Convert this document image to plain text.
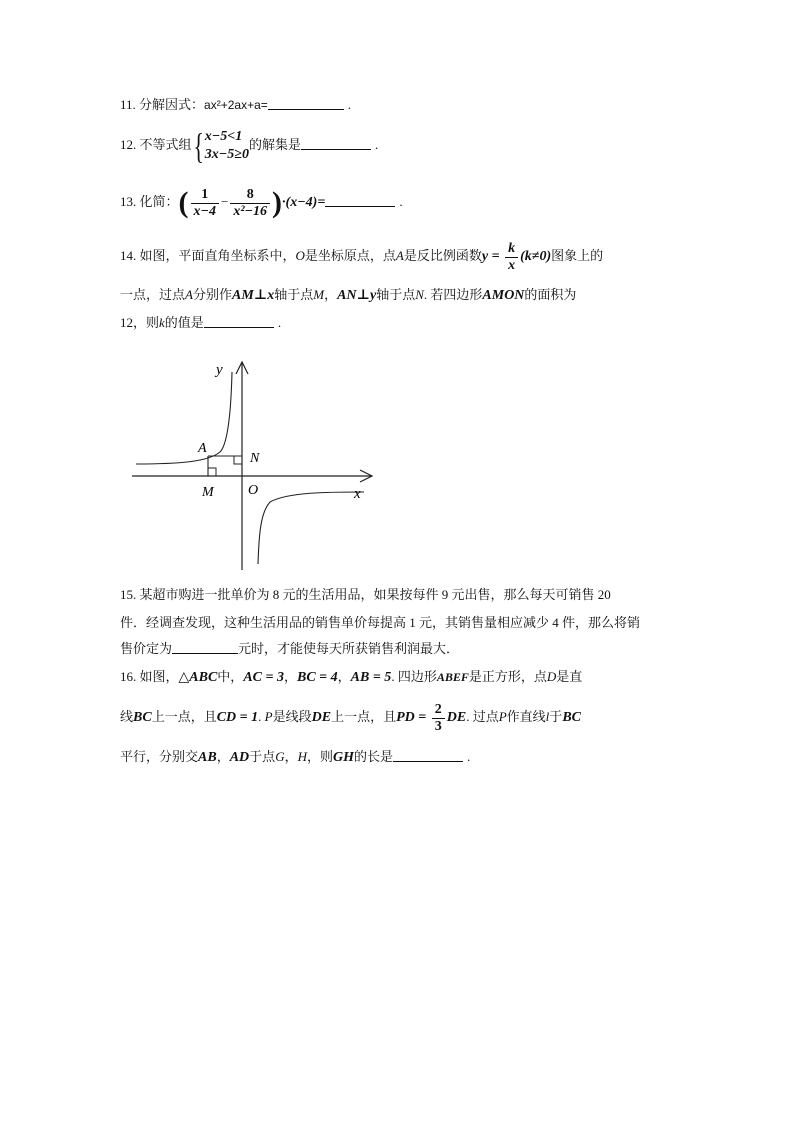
11. 分解因式：ax²+2ax+a=	.
12. 不等式组{ x−5<1
3x−5≥0
的解集是	.
13. 化简：( $\frac{1}{x-4} - \frac{8}{\text{x²−16}} )\cdot(x-4)=$	.
14. 如图，平面直角坐标系中，O是坐标原点，点A是反比例函数$y = \frac{k}{x} (k\ne 0)$图象上的
一点，过点A分别作AM⊥x轴于点M，AN⊥y轴于点N. 若四边形AMON的面积为
12，则k的值是	.
y
x
A
M
N
O
15. 某超市购进一批单价为 8 元的生活用品，如果按每件 9 元出售，那么每天可销售 20
件．经调查发现，这种生活用品的销售单价每提高 1 元，其销售量相应减少 4 件，那么将销
售价定为	元时，才能使每天所获销售利润最大．
16. 如图，△ABC中，AC = 3，BC = 4，AB = 5. 四边形ABEF是正方形，点D是直
线BC上一点，且CD = 1. P是线段DE上一点，且PD = $\frac{2}{3}$ DE. 过点P作直线l于BC
平行，分别交AB，AD于点G，H，则GH的长是	.
